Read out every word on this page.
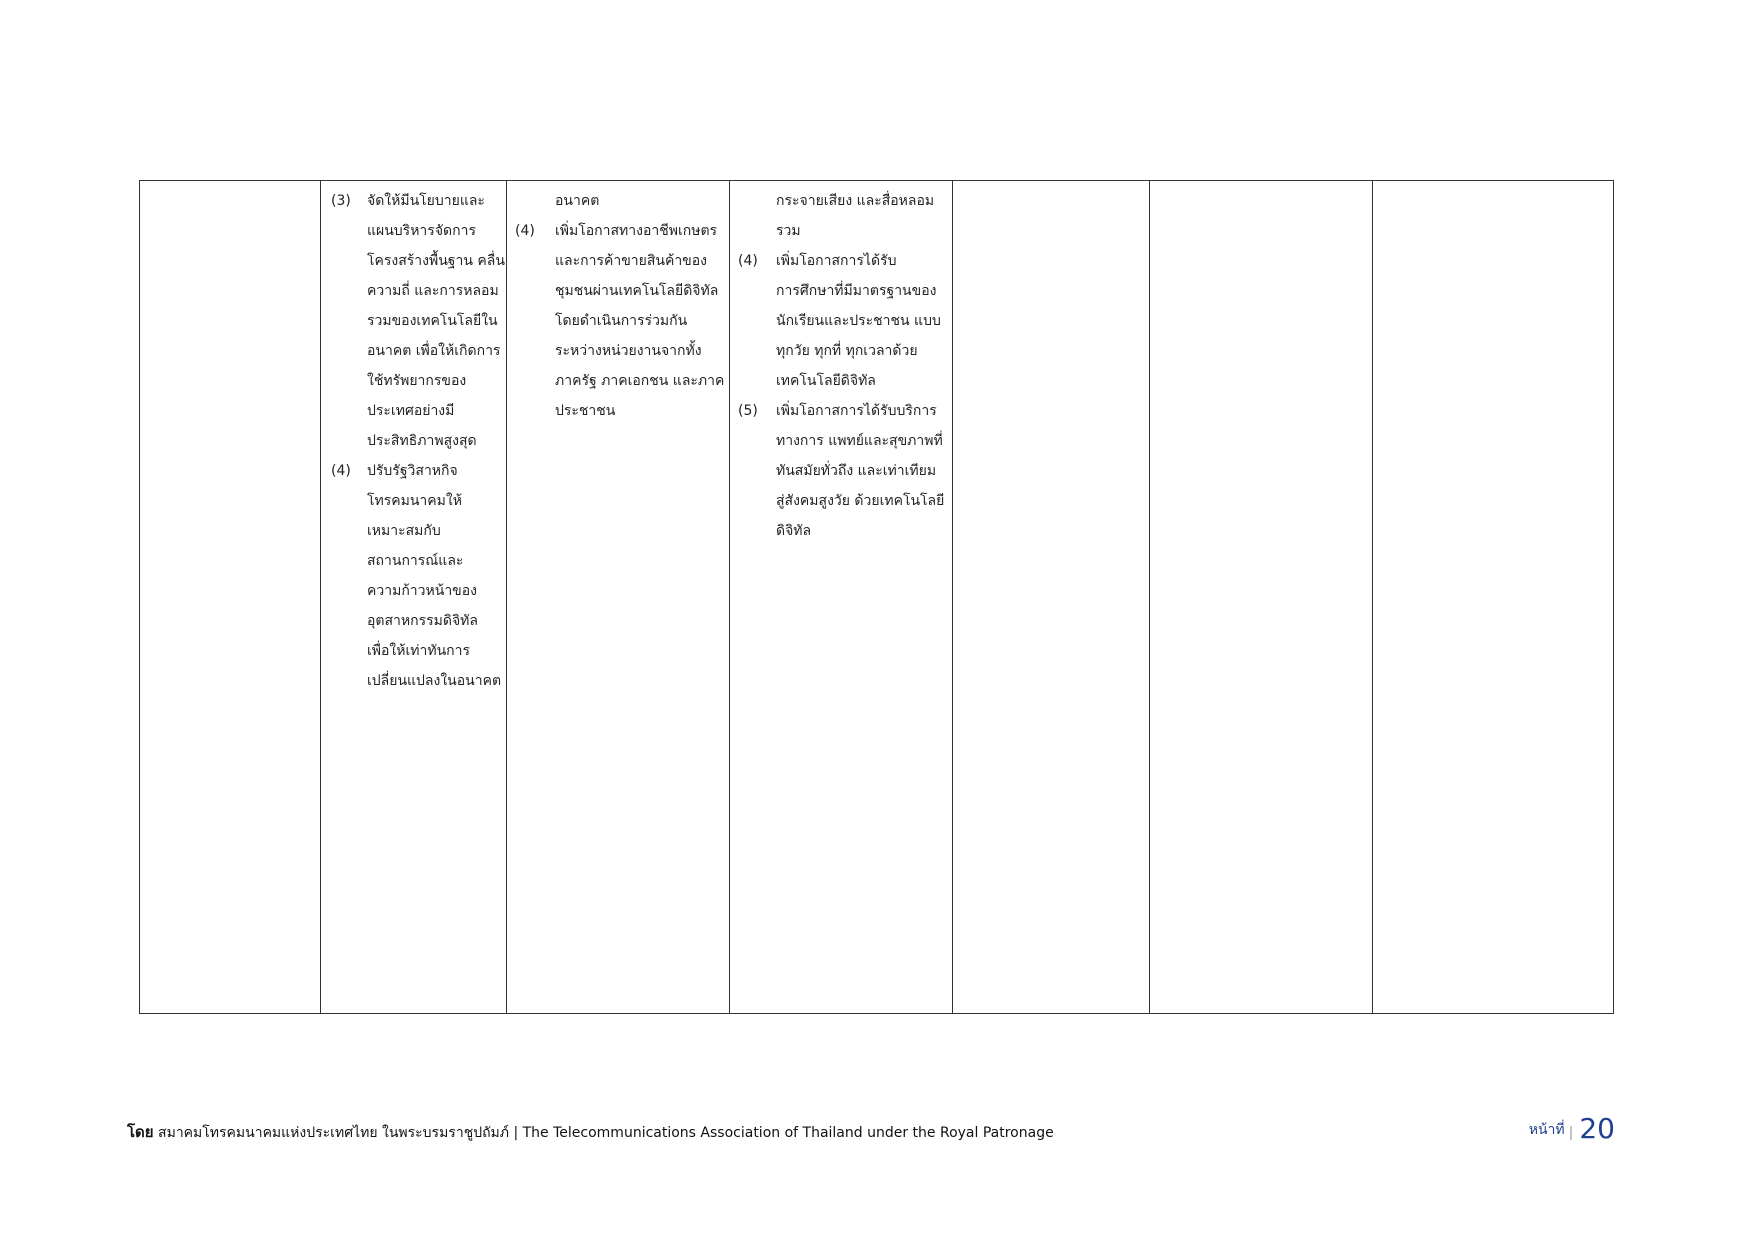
(3)	จัดให้มีนโยบายและ
แผนบริหารจัดการ
โครงสร้างพื้นฐาน คลื่น
ความถี่ และการหลอม
รวมของเทคโนโลยีใน
อนาคต เพื่อให้เกิดการ
ใช้ทรัพยากรของ
ประเทศอย่างมี
ประสิทธิภาพสูงสุด
(4)	ปรับรัฐวิสาหกิจ
โทรคมนาคมให้
เหมาะสมกับ
สถานการณ์และ
ความก้าวหน้าของ
อุตสาหกรรมดิจิทัล
เพื่อให้เท่าทันการ
เปลี่ยนแปลงในอนาคต

อนาคต
(4)	เพิ่มโอกาสทางอาชีพเกษตร
และการค้าขายสินค้าของ
ชุมชนผ่านเทคโนโลยีดิจิทัล
โดยดำเนินการร่วมกัน
ระหว่างหน่วยงานจากทั้ง
ภาครัฐ ภาคเอกชน และภาค
ประชาชน

กระจายเสียง และสื่อหลอม
รวม
(4)	เพิ่มโอกาสการได้รับ
การศึกษาที่มีมาตรฐานของ
นักเรียนและประชาชน แบบ
ทุกวัย ทุกที่ ทุกเวลาด้วย
เทคโนโลยีดิจิทัล
(5)	เพิ่มโอกาสการได้รับบริการ
ทางการ แพทย์และสุขภาพที่
ทันสมัยทั่วถึง และเท่าเทียม
สู่สังคมสูงวัย ด้วยเทคโนโลยี
ดิจิทัล

โดย สมาคมโทรคมนาคมแห่งประเทศไทย ในพระบรมราชูปถัมภ์ | The Telecommunications Association of Thailand under the Royal Patronage	หน้าที่ | 20
